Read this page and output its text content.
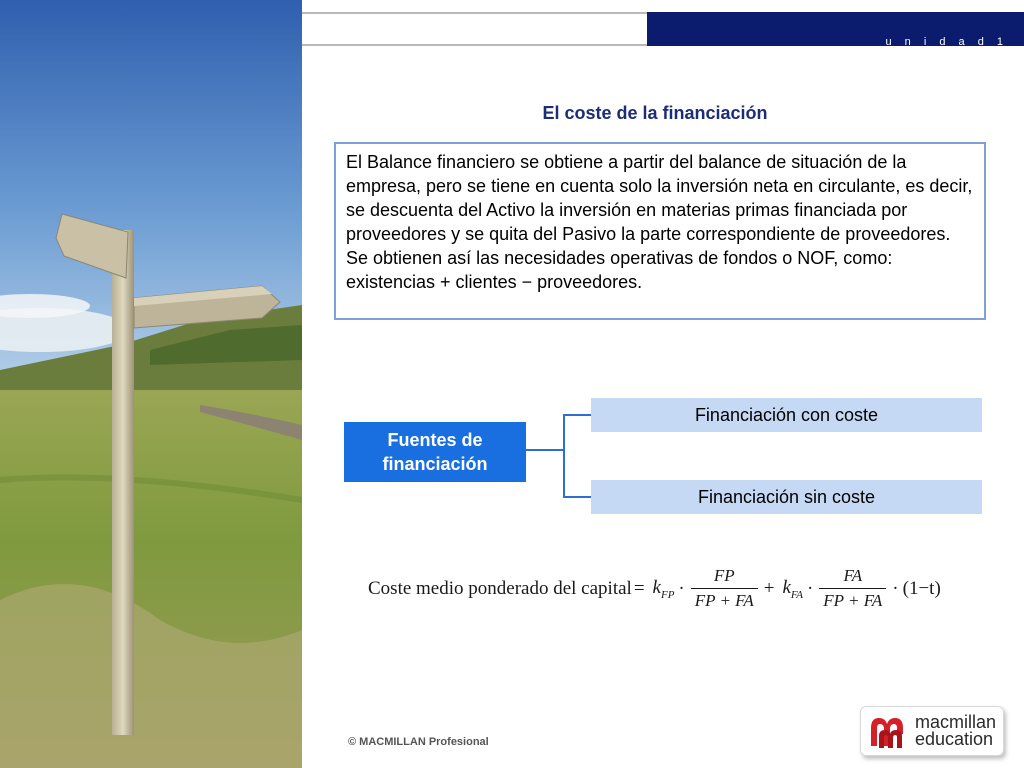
u n i d a d 1
El coste de la financiación

El Balance financiero se obtiene a partir del balance de situación de la empresa, pero se tiene en cuenta solo la inversión neta en circulante, es decir, se descuenta del Activo la inversión en materias primas financiada por proveedores y se quita del Pasivo la parte correspondiente de proveedores.

Se obtienen así las necesidades operativas de fondos o NOF, como: existencias + clientes − proveedores.

Fuentes de financiación
Financiación con coste
Financiación sin coste
Coste medio ponderado del capital = $k_{FP} \cdot \frac{FP}{FP + FA} + k_{FA} \cdot \frac{FA}{FP + FA} \cdot (1-t)$
© MACMILLAN Profesional
macmillan
education
